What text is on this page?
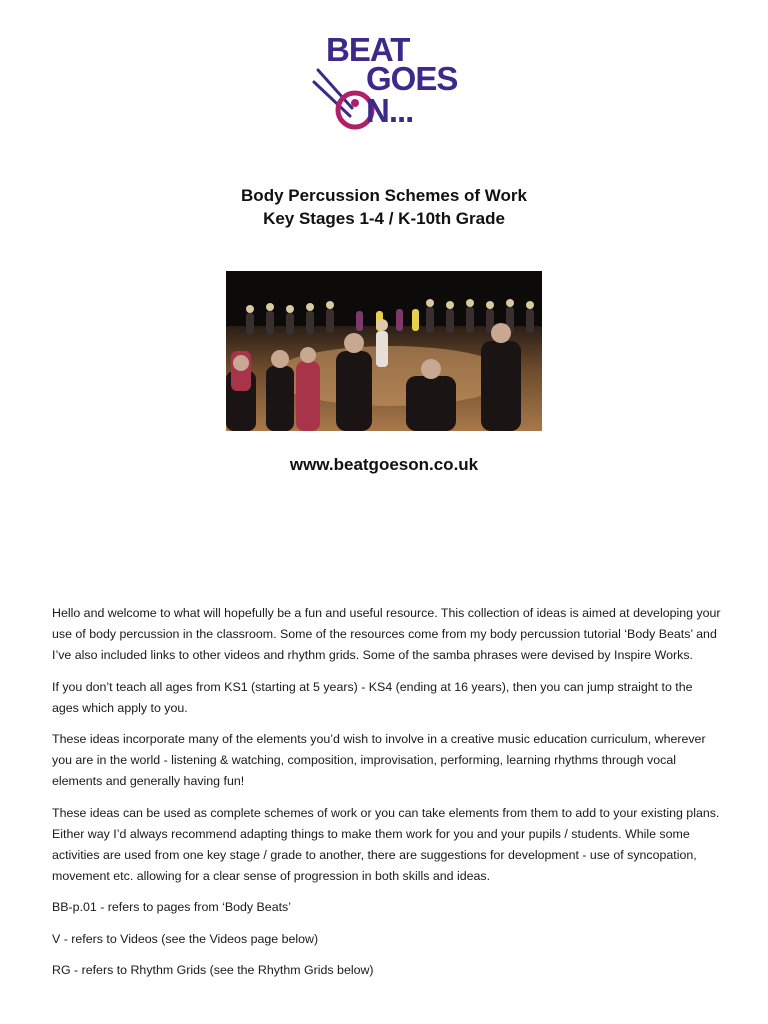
BEAT
GOES
N...
Body Percussion Schemes of Work
Key Stages 1-4 / K-10th Grade
www.beatgoeson.co.uk

Hello and welcome to what will hopefully be a fun and useful resource. This collection of ideas is aimed at developing your use of body percussion in the classroom. Some of the resources come from my body percussion tutorial ‘Body Beats’ and I’ve also included links to other videos and rhythm grids. Some of the samba phrases were devised by Inspire Works.

If you don’t teach all ages from KS1 (starting at 5 years) - KS4 (ending at 16 years), then you can jump straight to the ages which apply to you.

These ideas incorporate many of the elements you’d wish to involve in a creative music education curriculum, wherever you are in the world - listening & watching, composition, improvisation, performing, learning rhythms through vocal elements and generally having fun!

These ideas can be used as complete schemes of work or you can take elements from them to add to your existing plans. Either way I’d always recommend adapting things to make them work for you and your pupils / students. While some activities are used from one key stage / grade to another, there are suggestions for development - use of syncopation, movement etc. allowing for a clear sense of progression in both skills and ideas.

BB-p.01 - refers to pages from ‘Body Beats’

V - refers to Videos (see the Videos page below)

RG - refers to Rhythm Grids (see the Rhythm Grids below)
